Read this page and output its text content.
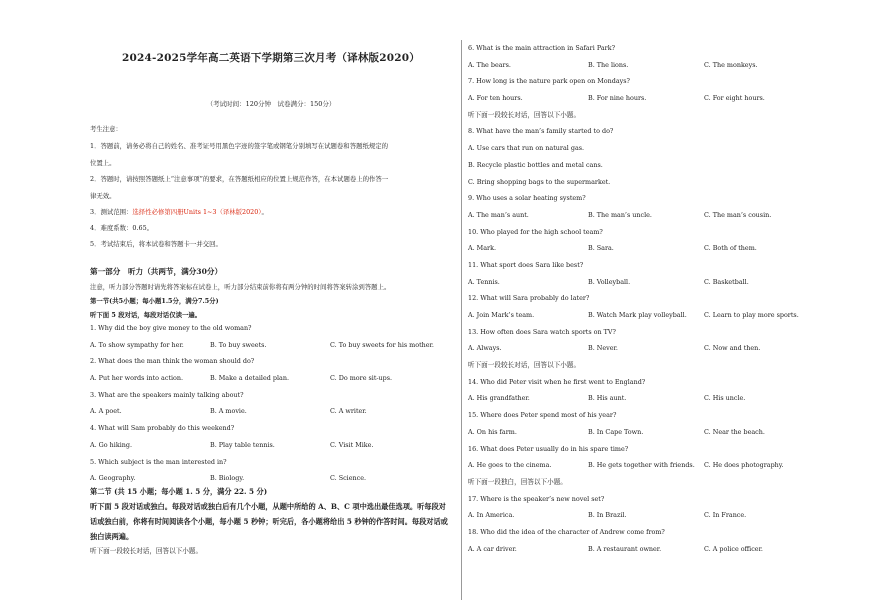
2024-2025学年高二英语下学期第三次月考（译林版2020）
（考试时间：120分钟　试卷满分：150分）
考生注意：
1．答题前，请务必将自己的姓名、准考证号用黑色字迹的签字笔或钢笔分别填写在试题卷和答题纸规定的
位置上。
2．答题时，请按照答题纸上“注意事项”的要求，在答题纸相应的位置上规范作答，在本试题卷上的作答一
律无效。
3．测试范围：选择性必修第四册Units 1~3（译林版2020）。
4．难度系数：0.65。
5．考试结束后，将本试卷和答题卡一并交回。
第一部分　听力（共两节，满分30分）
注意，听力部分答题时请先将答案标在试卷上，听力部分结束前你将有两分钟的时间将答案转涂到答题上。
第一节(共5小题；每小题1.5分，满分7.5分)
听下面 5 段对话，每段对话仅读一遍。
1. Why did the boy give money to the old woman?
A. To show sympathy for her.	B. To buy sweets.	C. To buy sweets for his mother.
2. What does the man think the woman should do?
A. Put her words into action.	B. Make a detailed plan.	C. Do more sit-ups.
3. What are the speakers mainly talking about?
A. A poet.	B. A movie.	C. A writer.
4. What will Sam probably do this weekend?
A. Go hiking.	B. Play table tennis.	C. Visit Mike.
5. Which subject is the man interested in?
A. Geography.	B. Biology.	C. Science.
第二节 (共 15 小题；每小题 1. 5 分，满分 22. 5 分)
听下面 5 段对话或独白。每段对话或独白后有几个小题，从题中所给的 A、B、C 项中选出最佳选项。听每段对话或独白前，你将有时间阅读各个小题，每小题 5 秒钟；听完后，各小题将给出 5 秒钟的作答时间。每段对话或独白读两遍。
听下面一段较长对话，回答以下小题。
6. What is the main attraction in Safari Park?
A. The bears.	B. The lions.	C. The monkeys.
7. How long is the nature park open on Mondays?
A. For ten hours.	B. For nine hours.	C. For eight hours.
听下面一段较长对话，回答以下小题。
8. What have the man’s family started to do?
A. Use cars that run on natural gas.
B. Recycle plastic bottles and metal cans.
C. Bring shopping bags to the supermarket.
9. Who uses a solar heating system?
A. The man’s aunt.	B. The man’s uncle.	C. The man’s cousin.
10. Who played for the high school team?
A. Mark.	B. Sara.	C. Both of them.
11. What sport does Sara like best?
A. Tennis.	B. Volleyball.	C. Basketball.
12. What will Sara probably do later?
A. Join Mark’s team.	B. Watch Mark play volleyball.	C. Learn to play more sports.
13. How often does Sara watch sports on TV?
A. Always.	B. Never.	C. Now and then.
听下面一段较长对话，回答以下小题。
14. Who did Peter visit when he first went to England?
A. His grandfather.	B. His aunt.	C. His uncle.
15. Where does Peter spend most of his year?
A. On his farm.	B. In Cape Town.	C. Near the beach.
16. What does Peter usually do in his spare time?
A. He goes to the cinema.	B. He gets together with friends. C. He does photography.
听下面一段独白，回答以下小题。
17. Where is the speaker’s new novel set?
A. In America.	B. In Brazil.	C. In France.
18. Who did the idea of the character of Andrew come from?
A. A car driver.	B. A restaurant owner.	C. A police officer.
